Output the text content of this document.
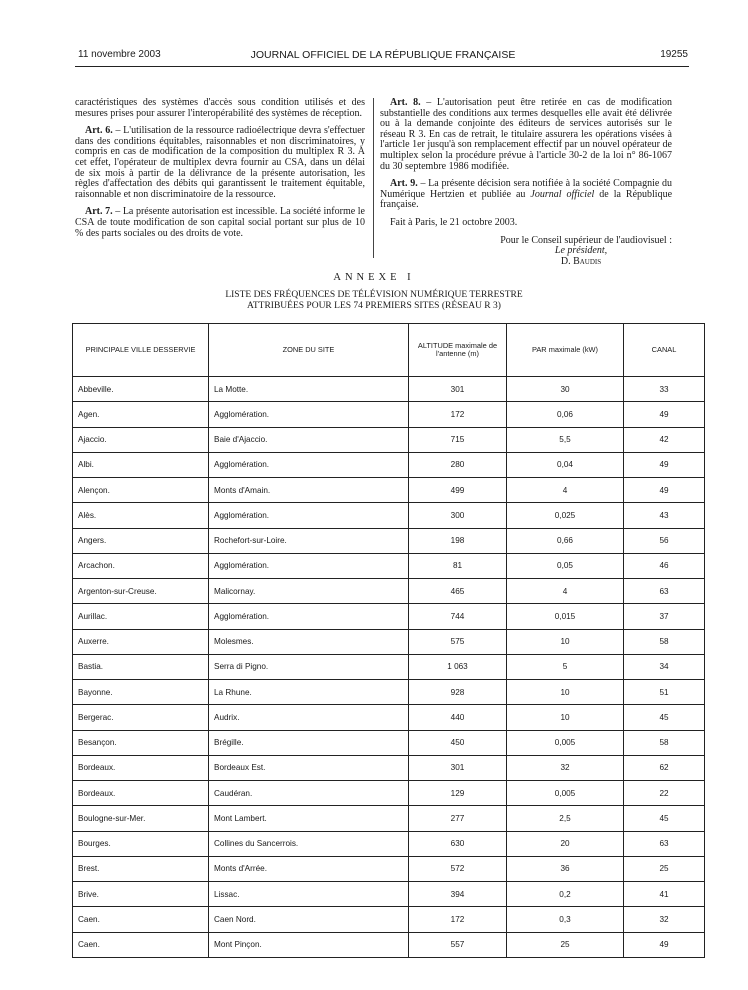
11 novembre 2003	JOURNAL OFFICIEL DE LA RÉPUBLIQUE FRANÇAISE	19255

caractéristiques des systèmes d'accès sous condition utilisés et des mesures prises pour assurer l'interopérabilité des systèmes de réception.

Art. 6. – L'utilisation de la ressource radioélectrique devra s'effectuer dans des conditions équitables, raisonnables et non discriminatoires, y compris en cas de modification de la composition du multiplex R 3. A cet effet, l'opérateur de multiplex devra fournir au CSA, dans un délai de six mois à partir de la délivrance de la présente autorisation, les règles d'affectation des débits qui garantissent le traitement équitable, raisonnable et non discriminatoire de la ressource.

Art. 7. – La présente autorisation est incessible. La société informe le CSA de toute modification de son capital social portant sur plus de 10 % des parts sociales ou des droits de vote.

Art. 8. – L'autorisation peut être retirée en cas de modification substantielle des conditions aux termes desquelles elle avait été délivrée ou à la demande conjointe des éditeurs de services autorisés sur le réseau R 3. En cas de retrait, le titulaire assurera les opérations visées à l'article 1er jusqu'à son remplacement effectif par un nouvel opérateur de multiplex selon la procédure prévue à l'article 30-2 de la loi n° 86-1067 du 30 septembre 1986 modifiée.

Art. 9. – La présente décision sera notifiée à la société Compagnie du Numérique Hertzien et publiée au Journal officiel de la République française.

Fait à Paris, le 21 octobre 2003.

Pour le Conseil supérieur de l'audiovisuel :

Le président,

D. Baudis

ANNEXE I
LISTE DES FRÉQUENCES DE TÉLÉVISION NUMÉRIQUE TERRESTRE
ATTRIBUÉES POUR LES 74 PREMIERS SITES (RÉSEAU R 3)
PRINCIPALE VILLE DESSERVIE	ZONE DU SITE	ALTITUDE maximale de l'antenne (m)	PAR maximale (kW)	CANAL
Abbeville.	La Motte.	301	30	33
Agen.	Agglomération.	172	0,06	49
Ajaccio.	Baie d'Ajaccio.	715	5,5	42
Albi.	Agglomération.	280	0,04	49
Alençon.	Monts d'Amain.	499	4	49
Alès.	Agglomération.	300	0,025	43
Angers.	Rochefort-sur-Loire.	198	0,66	56
Arcachon.	Agglomération.	81	0,05	46
Argenton-sur-Creuse.	Malicornay.	465	4	63
Aurillac.	Agglomération.	744	0,015	37
Auxerre.	Molesmes.	575	10	58
Bastia.	Serra di Pigno.	1 063	5	34
Bayonne.	La Rhune.	928	10	51
Bergerac.	Audrix.	440	10	45
Besançon.	Brégille.	450	0,005	58
Bordeaux.	Bordeaux Est.	301	32	62
Bordeaux.	Caudéran.	129	0,005	22
Boulogne-sur-Mer.	Mont Lambert.	277	2,5	45
Bourges.	Collines du Sancerrois.	630	20	63
Brest.	Monts d'Arrée.	572	36	25
Brive.	Lissac.	394	0,2	41
Caen.	Caen Nord.	172	0,3	32
Caen.	Mont Pinçon.	557	25	49
